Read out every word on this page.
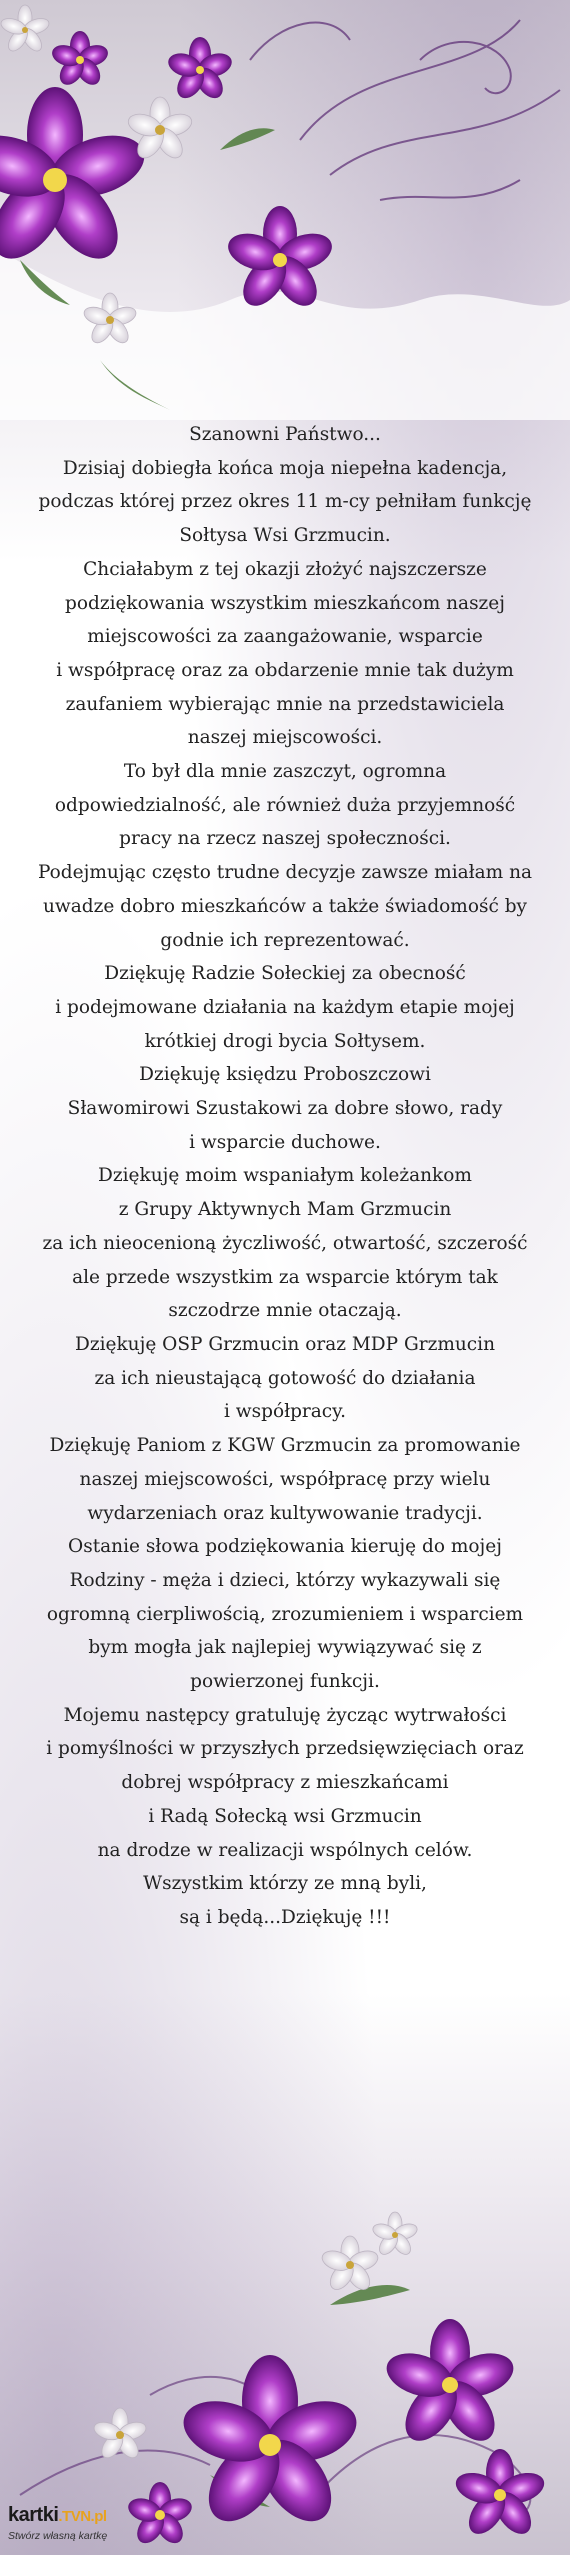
Szanowni Państwo...

Dzisiaj dobiegła końca moja niepełna kadencja,

podczas której przez okres 11 m-cy pełniłam funkcję

Sołtysa Wsi Grzmucin.

Chciałabym z tej okazji złożyć najszczersze

podziękowania wszystkim mieszkańcom naszej

miejscowości za zaangażowanie, wsparcie

i współpracę oraz za obdarzenie mnie tak dużym

zaufaniem wybierając mnie na przedstawiciela

naszej miejscowości.

To był dla mnie zaszczyt, ogromna

odpowiedzialność, ale również duża przyjemność

pracy na rzecz naszej społeczności.

Podejmując często trudne decyzje zawsze miałam na

uwadze dobro mieszkańców a także świadomość by

godnie ich reprezentować.

Dziękuję Radzie Sołeckiej za obecność

i podejmowane działania na każdym etapie mojej

krótkiej drogi bycia Sołtysem.

Dziękuję księdzu Proboszczowi

Sławomirowi Szustakowi za dobre słowo, rady

i wsparcie duchowe.

Dziękuję moim wspaniałym koleżankom

z Grupy Aktywnych Mam Grzmucin

za ich nieocenioną życzliwość, otwartość, szczerość

ale przede wszystkim za wsparcie którym tak

szczodrze mnie otaczają.

Dziękuję OSP Grzmucin oraz MDP Grzmucin

za ich nieustającą gotowość do działania

i współpracy.

Dziękuję Paniom z KGW Grzmucin za promowanie

naszej miejscowości, współpracę przy wielu

wydarzeniach oraz kultywowanie tradycji.

Ostanie słowa podziękowania kieruję do mojej

Rodziny - męża i dzieci, którzy wykazywali się

ogromną cierpliwością, zrozumieniem i wsparciem

bym mogła jak najlepiej wywiązywać się z

powierzonej funkcji.

Mojemu następcy gratuluję życząc wytrwałości

i pomyślności w przyszłych przedsięwzięciach oraz

dobrej współpracy z mieszkańcami

i Radą Sołecką wsi Grzmucin

na drodze w realizacji wspólnych celów.

Wszystkim którzy ze mną byli,

są i będą...Dziękuję !!!

kartki.TVN.pl
Stwórz własną kartkę
